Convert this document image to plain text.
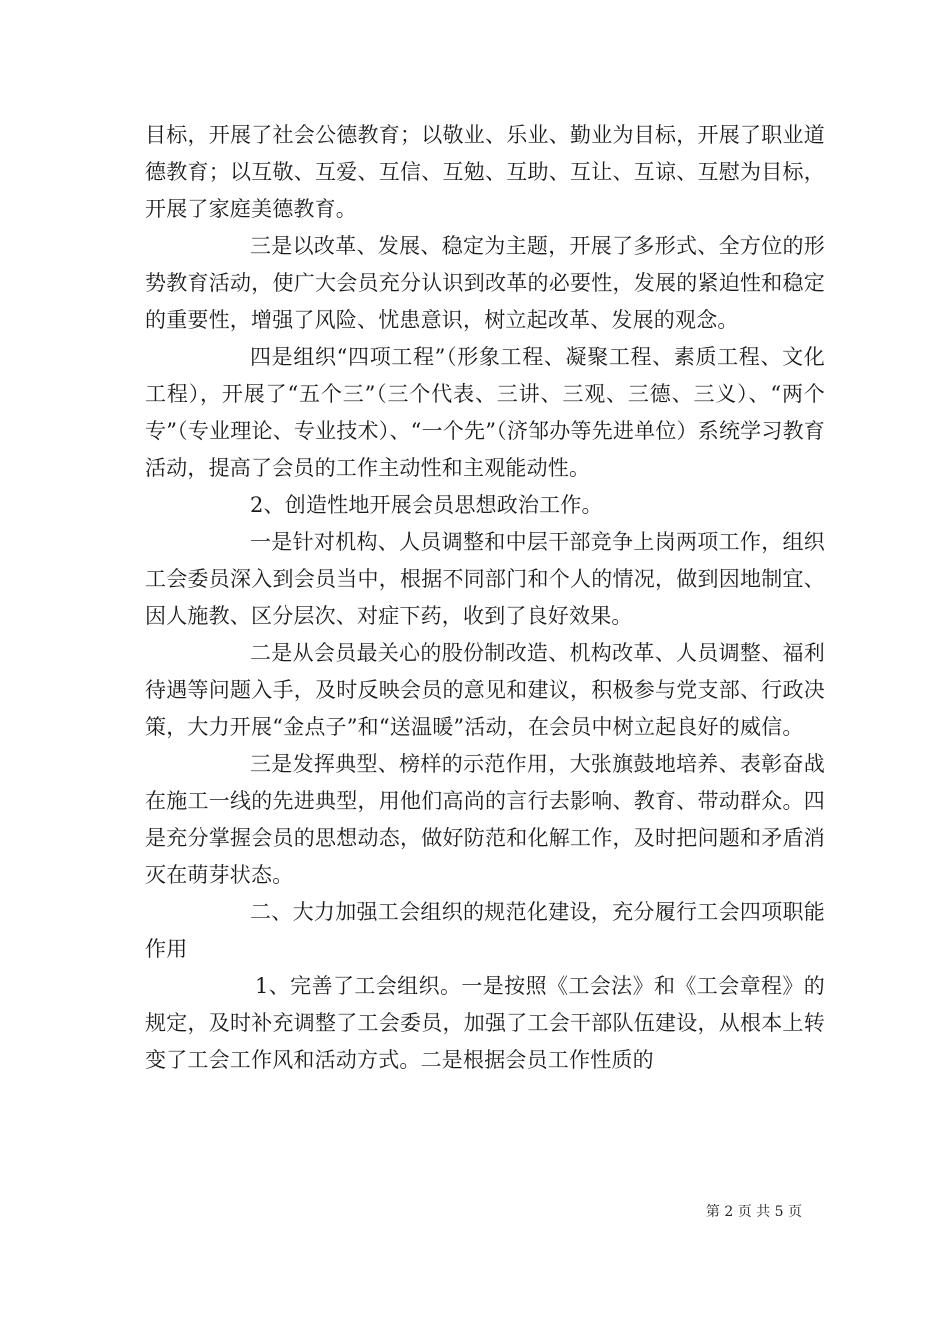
目标，开展了社会公德教育；以敬业、乐业、勤业为目标，开展了职业道德教育；以互敬、互爱、互信、互勉、互助、互让、互谅、互慰为目标，开展了家庭美德教育。

三是以改革、发展、稳定为主题，开展了多形式、全方位的形势教育活动，使广大会员充分认识到改革的必要性，发展的紧迫性和稳定的重要性，增强了风险、忧患意识，树立起改革、发展的观念。

四是组织“四项工程”（形象工程、凝聚工程、素质工程、文化工程），开展了“五个三”（三个代表、三讲、三观、三德、三义）、“两个专”（专业理论、专业技术）、“一个先”（济邹办等先进单位）系统学习教育活动，提高了会员的工作主动性和主观能动性。

2、创造性地开展会员思想政治工作。

一是针对机构、人员调整和中层干部竞争上岗两项工作，组织工会委员深入到会员当中，根据不同部门和个人的情况，做到因地制宜、因人施教、区分层次、对症下药，收到了良好效果。

二是从会员最关心的股份制改造、机构改革、人员调整、福利待遇等问题入手，及时反映会员的意见和建议，积极参与党支部、行政决策，大力开展“金点子”和“送温暖”活动，在会员中树立起良好的威信。

三是发挥典型、榜样的示范作用，大张旗鼓地培养、表彰奋战在施工一线的先进典型，用他们高尚的言行去影响、教育、带动群众。四是充分掌握会员的思想动态，做好防范和化解工作，及时把问题和矛盾消灭在萌芽状态。

二、大力加强工会组织的规范化建设，充分履行工会四项职能作用

1、完善了工会组织。一是按照《工会法》和《工会章程》的规定，及时补充调整了工会委员，加强了工会干部队伍建设，从根本上转变了工会工作风和活动方式。二是根据会员工作性质的

第 2 页 共 5 页
